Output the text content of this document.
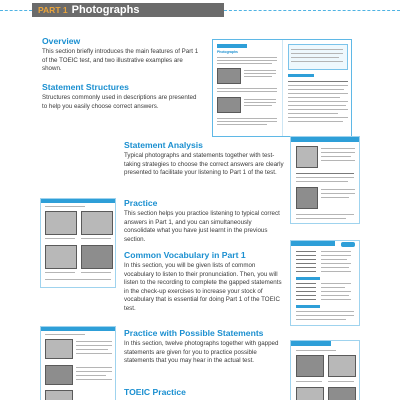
PART 1 Photographs
Overview

This section briefly introduces the main features of Part 1 of the TOEIC test, and two illustrative examples are shown.

Statement Structures

Structures commonly used in descriptions are presented to help you easily choose correct answers.

Photographs
Statement Analysis

Typical photographs and statements together with test-taking strategies to choose the correct answers are clearly presented to facilitate your listening to Part 1 of the test.

Practice

This section helps you practice listening to typical correct answers in Part 1, and you can simultaneously consolidate what you have just learnt in the previous section.

Common Vocabulary in Part 1

In this section, you will be given lists of common vocabulary to listen to their pronunciation. Then, you will listen to the recording to complete the gapped statements in the check-up exercises to increase your stock of vocabulary that is essential for doing Part 1 of the TOEIC test.

Practice with Possible Statements

In this section, twelve photographs together with gapped statements are given for you to practice possible statements that you may hear in the actual test.

TOEIC Practice
